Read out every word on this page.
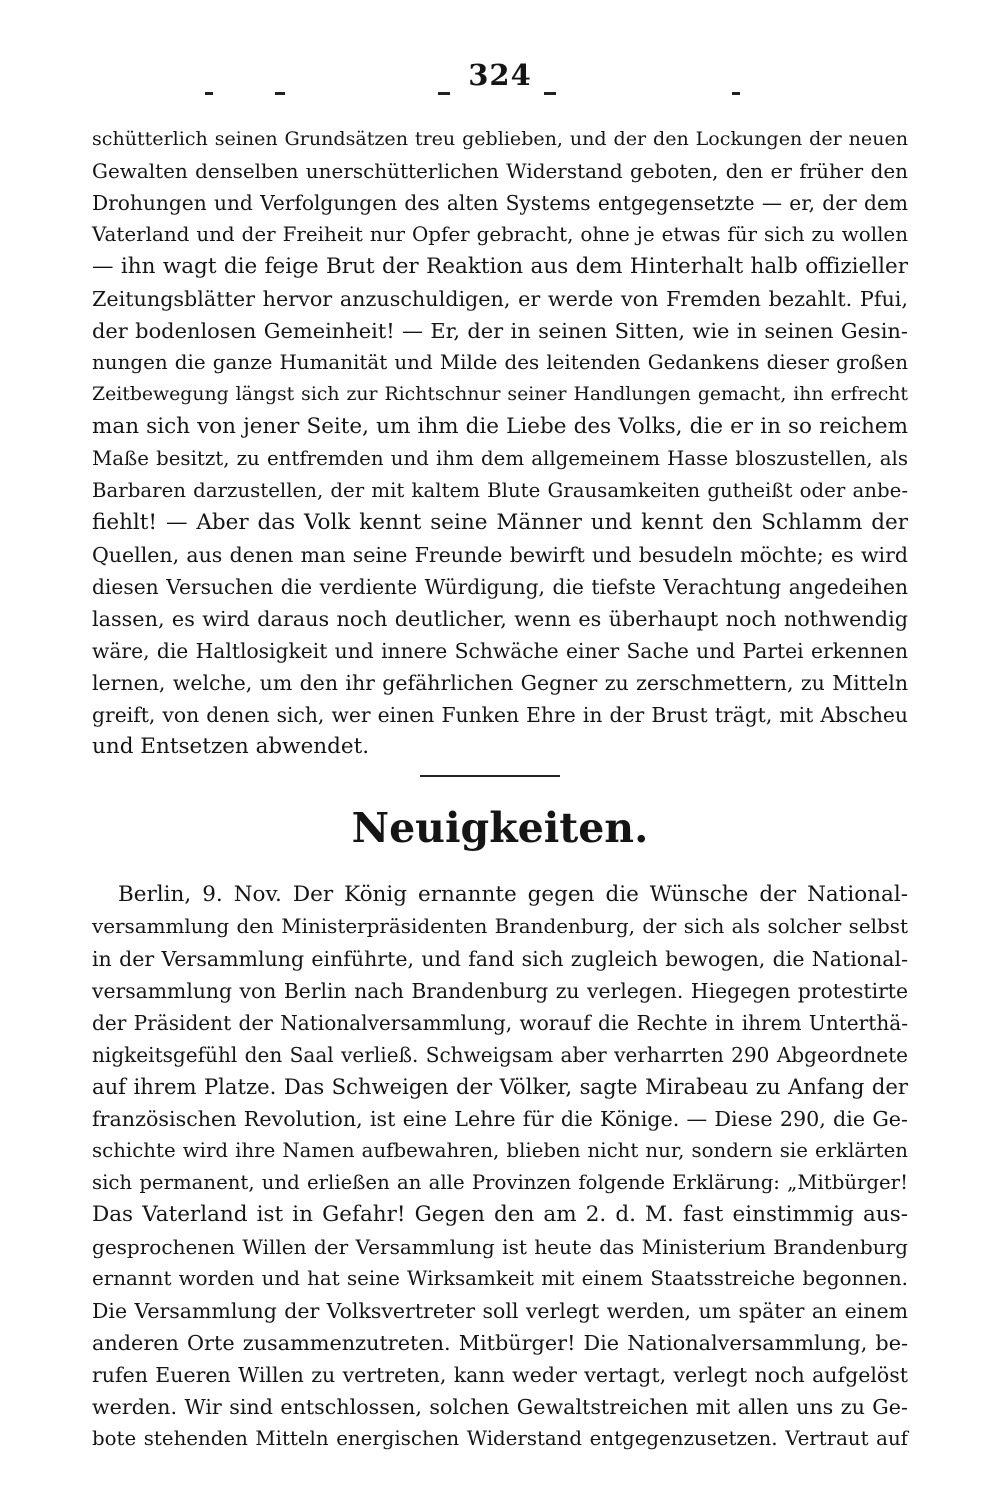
324

schütterlich seinen Grundsätzen treu geblieben, und der den Lockungen der neuen

Gewalten denselben unerschütterlichen Widerstand geboten, den er früher den

Drohungen und Verfolgungen des alten Systems entgegensetzte — er, der dem

Vaterland und der Freiheit nur Opfer gebracht, ohne je etwas für sich zu wollen

— ihn wagt die feige Brut der Reaktion aus dem Hinterhalt halb offizieller

Zeitungsblätter hervor anzuschuldigen, er werde von Fremden bezahlt. Pfui,

der bodenlosen Gemeinheit! — Er, der in seinen Sitten, wie in seinen Gesin-

nungen die ganze Humanität und Milde des leitenden Gedankens dieser großen

Zeitbewegung längst sich zur Richtschnur seiner Handlungen gemacht, ihn erfrecht

man sich von jener Seite, um ihm die Liebe des Volks, die er in so reichem

Maße besitzt, zu entfremden und ihm dem allgemeinem Hasse bloszustellen, als

Barbaren darzustellen, der mit kaltem Blute Grausamkeiten gutheißt oder anbe-

fiehlt! — Aber das Volk kennt seine Männer und kennt den Schlamm der

Quellen, aus denen man seine Freunde bewirft und besudeln möchte; es wird

diesen Versuchen die verdiente Würdigung, die tiefste Verachtung angedeihen

lassen, es wird daraus noch deutlicher, wenn es überhaupt noch nothwendig

wäre, die Haltlosigkeit und innere Schwäche einer Sache und Partei erkennen

lernen, welche, um den ihr gefährlichen Gegner zu zerschmettern, zu Mitteln

greift, von denen sich, wer einen Funken Ehre in der Brust trägt, mit Abscheu

und Entsetzen abwendet.

Neuigkeiten.

Berlin, 9. Nov. Der König ernannte gegen die Wünsche der National-

versammlung den Ministerpräsidenten Brandenburg, der sich als solcher selbst

in der Versammlung einführte, und fand sich zugleich bewogen, die National-

versammlung von Berlin nach Brandenburg zu verlegen. Hiegegen protestirte

der Präsident der Nationalversammlung, worauf die Rechte in ihrem Unterthä-

nigkeitsgefühl den Saal verließ. Schweigsam aber verharrten 290 Abgeordnete

auf ihrem Platze. Das Schweigen der Völker, sagte Mirabeau zu Anfang der

französischen Revolution, ist eine Lehre für die Könige. — Diese 290, die Ge-

schichte wird ihre Namen aufbewahren, blieben nicht nur, sondern sie erklärten

sich permanent, und erließen an alle Provinzen folgende Erklärung: „Mitbürger!

Das Vaterland ist in Gefahr! Gegen den am 2. d. M. fast einstimmig aus-

gesprochenen Willen der Versammlung ist heute das Ministerium Brandenburg

ernannt worden und hat seine Wirksamkeit mit einem Staatsstreiche begonnen.

Die Versammlung der Volksvertreter soll verlegt werden, um später an einem

anderen Orte zusammenzutreten. Mitbürger! Die Nationalversammlung, be-

rufen Eueren Willen zu vertreten, kann weder vertagt, verlegt noch aufgelöst

werden. Wir sind entschlossen, solchen Gewaltstreichen mit allen uns zu Ge-

bote stehenden Mitteln energischen Widerstand entgegenzusetzen. Vertraut auf
